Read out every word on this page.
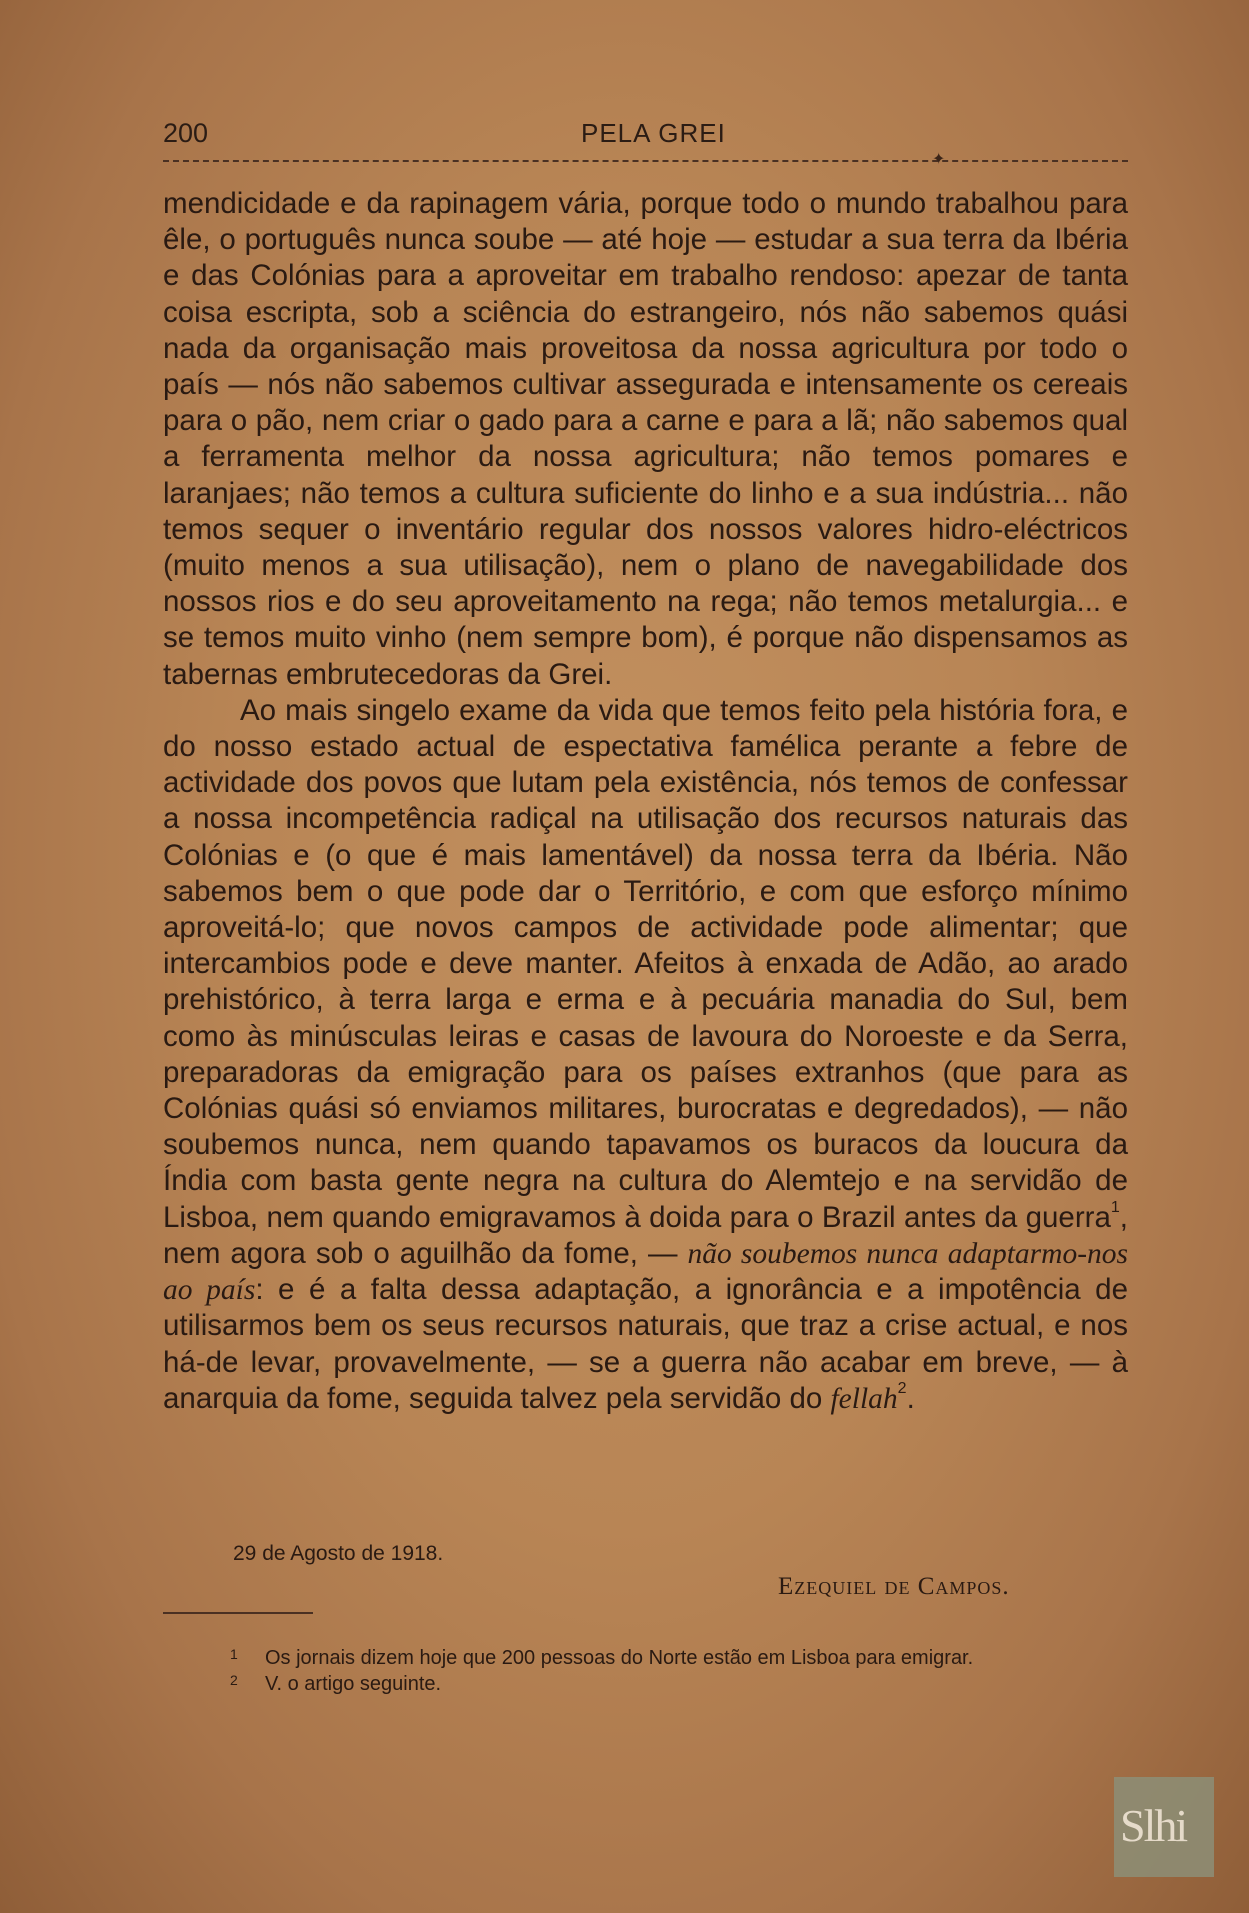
200	PELA GREI
✦

mendicidade e da rapinagem vária, porque todo o mundo trabalhou para êle, o português nunca soube — até hoje — estudar a sua terra da Ibéria e das Colónias para a aproveitar em trabalho rendoso: apezar de tanta coisa escripta, sob a sciência do estrangeiro, nós não sabemos quási nada da organisação mais proveitosa da nossa agricultura por todo o país — nós não sabemos cultivar assegurada e intensamente os cereais para o pão, nem criar o gado para a carne e para a lã; não sabemos qual a ferramenta melhor da nossa agricultura; não temos pomares e laranjaes; não temos a cultura suficiente do linho e a sua indústria... não temos sequer o inventário regular dos nossos valores hidro-eléctricos (muito menos a sua utilisação), nem o plano de navegabilidade dos nossos rios e do seu aproveitamento na rega; não temos metalurgia... e se temos muito vinho (nem sempre bom), é porque não dispensamos as tabernas embrutecedoras da Grei.

Ao mais singelo exame da vida que temos feito pela história fora, e do nosso estado actual de espectativa famélica perante a febre de actividade dos povos que lutam pela existência, nós temos de confessar a nossa incompetência radiçal na utilisação dos recursos naturais das Colónias e (o que é mais lamentável) da nossa terra da Ibéria. Não sabemos bem o que pode dar o Território, e com que esforço mínimo aproveitá-lo; que novos campos de actividade pode alimentar; que intercambios pode e deve manter. Afeitos à enxada de Adão, ao arado prehistórico, à terra larga e erma e à pecuária manadia do Sul, bem como às minúsculas leiras e casas de lavoura do Noroeste e da Serra, preparadoras da emigração para os países extranhos (que para as Colónias quási só enviamos militares, burocratas e degredados), — não soubemos nunca, nem quando tapavamos os buracos da loucura da Índia com basta gente negra na cultura do Alemtejo e na servidão de Lisboa, nem quando emigravamos à doida para o Brazil antes da guerra$^1$, nem agora sob o aguilhão da fome, — não soubemos nunca adaptarmo-nos ao país: e é a falta dessa adaptação, a ignorância e a impotência de utilisarmos bem os seus recursos naturais, que traz a crise actual, e nos há-de levar, provavelmente, — se a guerra não acabar em breve, — à anarquia da fome, seguida talvez pela servidão do fellah$^2$.

29 de Agosto de 1918.
Ezequiel de Campos.
1 Os jornais dizem hoje que 200 pessoas do Norte estão em Lisboa para emigrar.
2 V. o artigo seguinte.
Slhi
